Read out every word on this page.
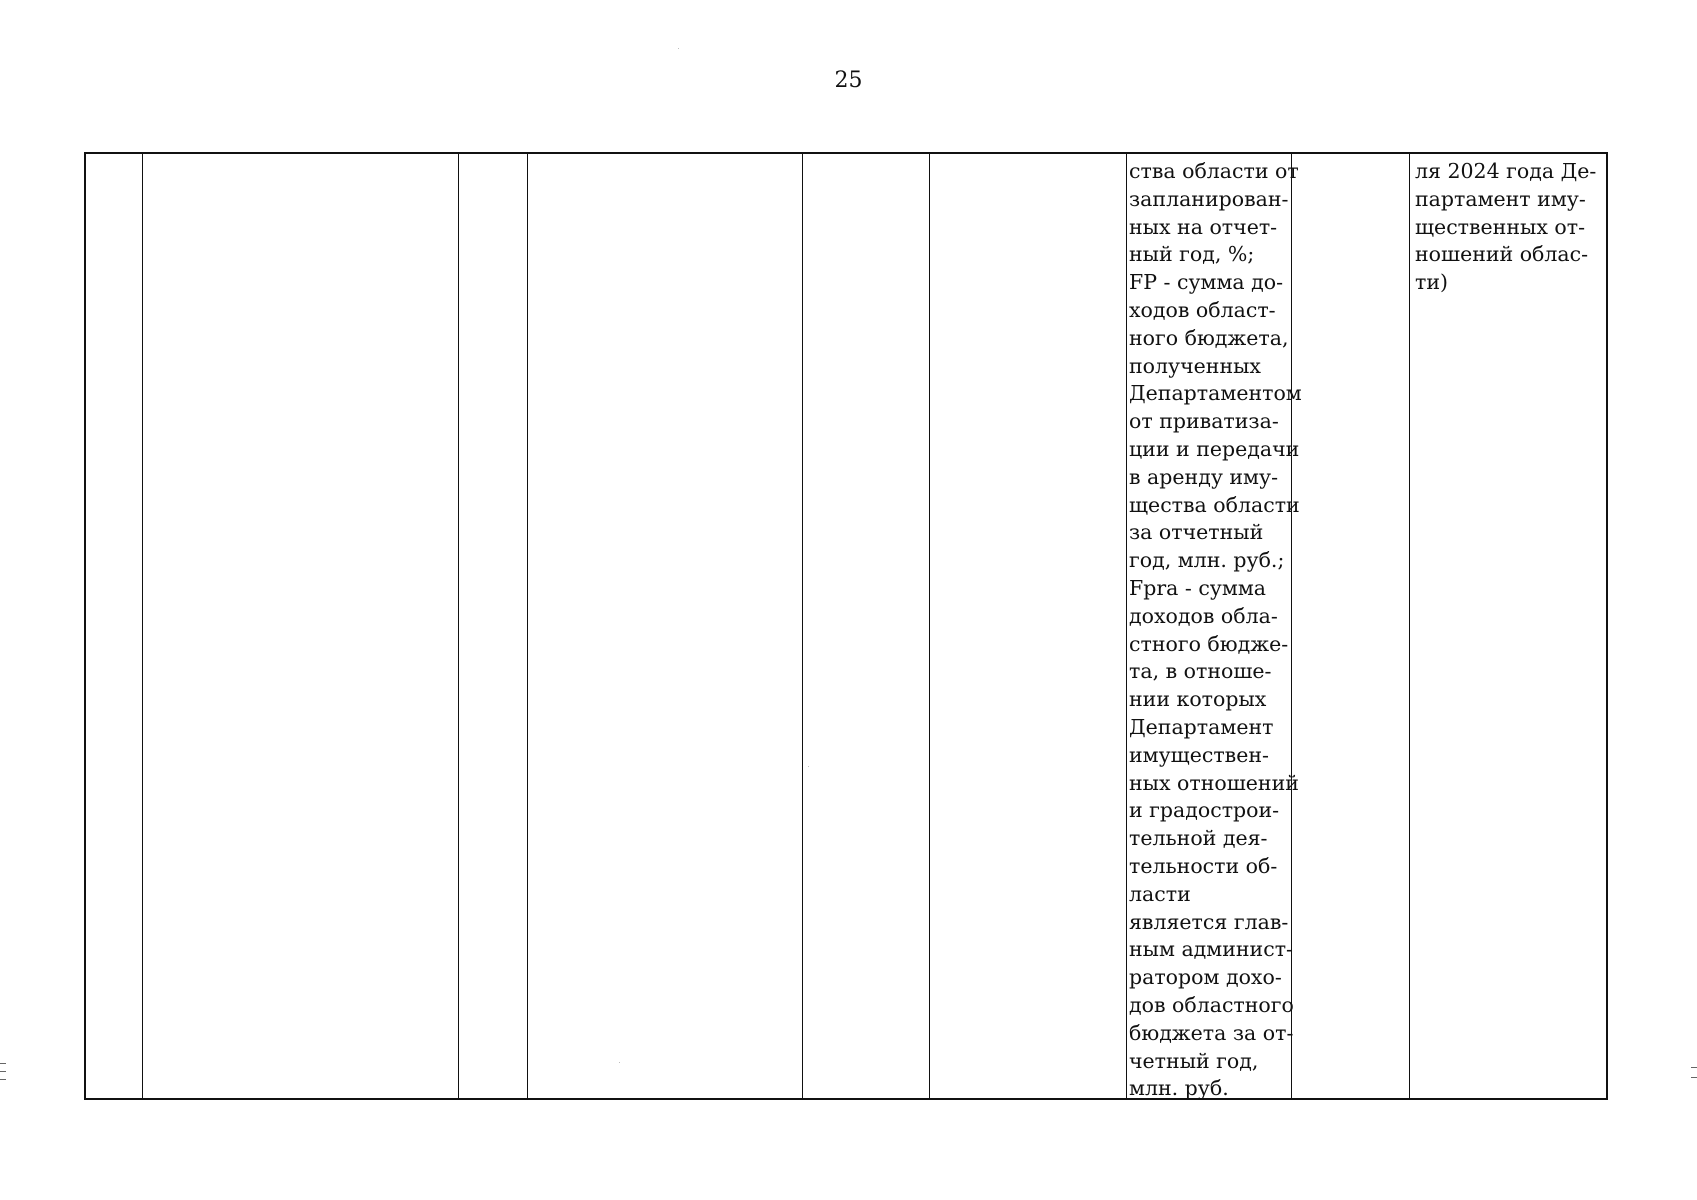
25
ства области от
запланирован-
ных на отчет-
ный год, %;
FP - сумма до-
ходов област-
ного бюджета,
полученных
Департаментом
от приватиза-
ции и передачи
в аренду иму-
щества области
за отчетный
год, млн. руб.;
Fpra - сумма
доходов обла-
стного бюдже-
та, в отноше-
нии которых
Департамент
имуществен-
ных отношений
и градострои-
тельной дея-
тельности об-
ласти
является глав-
ным админист-
ратором дохо-
дов областного
бюджета за от-
четный год,
млн. руб.
ля 2024 года Де-
партамент иму-
щественных от-
ношений облас-
ти)
